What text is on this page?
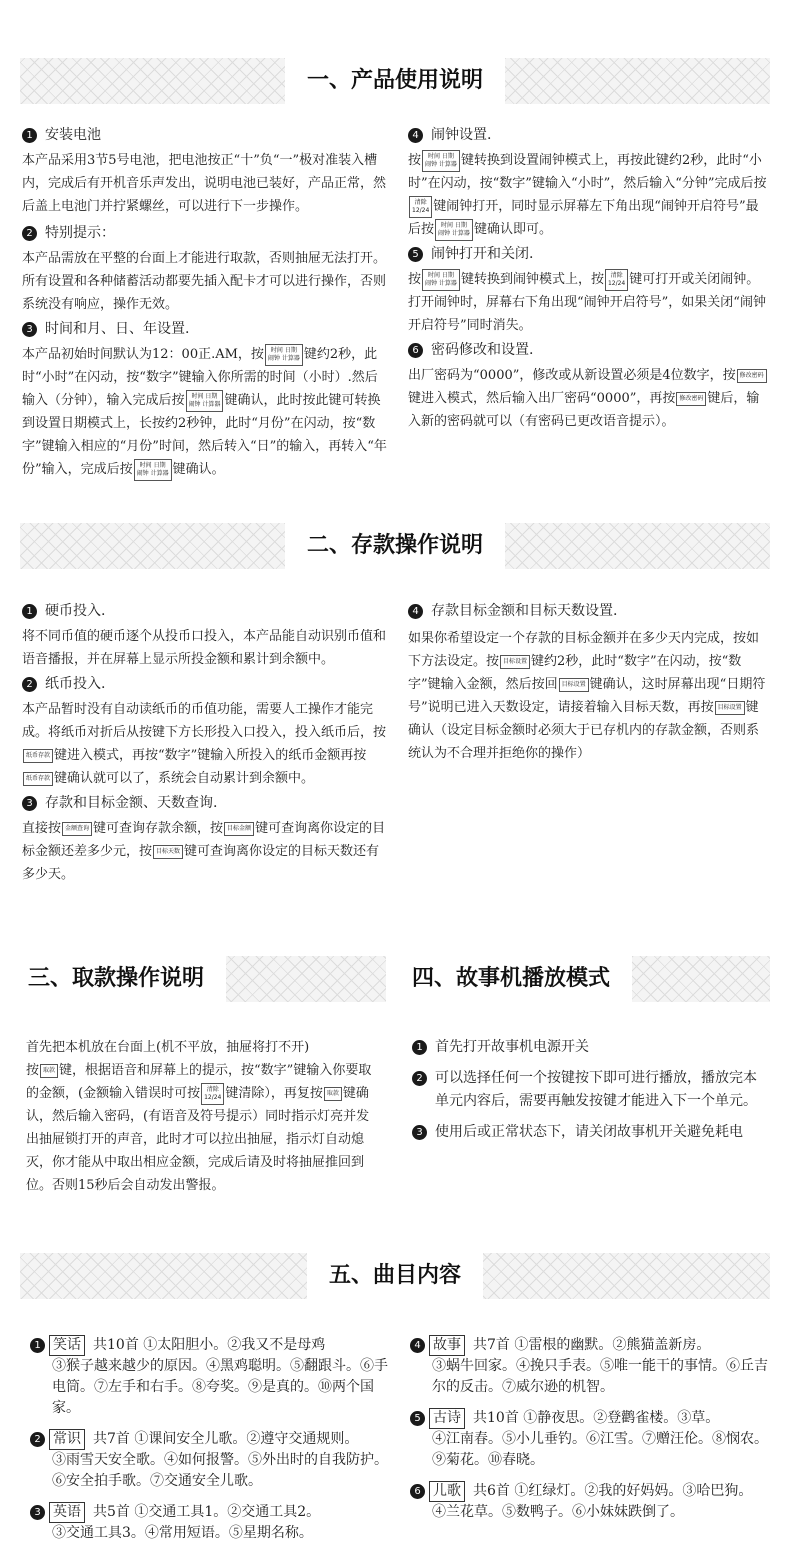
一、产品使用说明
1 安装电池

本产品采用3节5号电池，把电池按正“十”负“一”极对准装入槽内，完成后有开机音乐声发出，说明电池已装好，产品正常，然后盖上电池门并拧紧螺丝，可以进行下一步操作。

2 特别提示：

本产品需放在平整的台面上才能进行取款，否则抽屉无法打开。所有设置和各种储蓄活动都要先插入配卡才可以进行操作，否则系统没有响应，操作无效。

3 时间和月、日、年设置.

本产品初始时间默认为12：00正.AM，按	时间 日期
闹钟 计算器 键约2秒，此时“小时”在闪动，按“数字”键输入你所需的时间（小时）.然后输入（分钟），输入完成后按	时间 日期
闹钟 计算器 键确认，此时按此键可转换到设置日期模式上，长按约2秒钟，此时“月份”在闪动，按“数字”键输入相应的“月份”时间，然后转入“日”的输入，再转入“年份”输入，完成后按	时间 日期
闹钟 计算器 键确认。

4 闹钟设置.

按	时间 日期
闹钟 计算器 键转换到设置闹钟模式上，再按此键约2秒，此时“小时”在闪动，按“数字”键输入“小时”，然后输入“分钟”完成后按
清除
12/24 键闹钟打开，同时显示屏幕左下角出现“闹钟开启符号”最后按	时间 日期
闹钟 计算器 键确认即可。

5 闹钟打开和关闭.

按	时间 日期
闹钟 计算器 键转换到闹钟模式上，按	清除
12/24 键可打开或关闭闹钟。打开闹钟时，屏幕右下角出现“闹钟开启符号”，如果关闭“闹钟开启符号”同时消失。

6 密码修改和设置.

出厂密码为“0000”，修改或从新设置必须是4位数字，按 修改密码
键进入模式，然后输入出厂密码“0000”，再按 修改密码 键后，输入新的密码就可以（有密码已更改语音提示）。

二、存款操作说明
1 硬币投入.

将不同币值的硬币逐个从投币口投入，本产品能自动识别币值和语音播报，并在屏幕上显示所投金额和累计到余额中。

2 纸币投入.

本产品暂时没有自动读纸币的币值功能，需要人工操作才能完成。将纸币对折后从按键下方长形投入口投入，投入纸币后，按
纸币存款 键进入模式，再按“数字”键输入所投入的纸币金额再按
纸币存款 键确认就可以了，系统会自动累计到余额中。

3 存款和目标金额、天数查询.

直接按 金额查询 键可查询存款余额，按 目标金额 键可查询离你设定的目标金额还差多少元，按 目标天数 键可查询离你设定的目标天数还有多少天。

4 存款目标金额和目标天数设置.

如果你希望设定一个存款的目标金额并在多少天内完成，按如下方法设定。按 目标设置 键约2秒，此时“数字”在闪动，按“数字”键输入金额，然后按回 目标设置 键确认，这时屏幕出现“日期符号”说明已进入天数设定，请接着输入目标天数，再按 目标设置 键确认（设定目标金额时必须大于已存机内的存款金额，否则系统认为不合理并拒绝你的操作）

三、取款操作说明	四、故事机播放模式

首先把本机放在台面上(机不平放，抽屉将打不开)
按 取款 键，根据语音和屏幕上的提示，按“数字”键输入你要取的金额，(金额输入错误时可按	清除
12/24 键清除），再复按 取款 键确认，然后输入密码，(有语音及符号提示）同时指示灯亮并发出抽屉锁打开的声音，此时才可以拉出抽屉，指示灯自动熄灭，你才能从中取出相应金额，完成后请及时将抽屉推回到位。否则15秒后会自动发出警报。

1 首先打开故事机电源开关
2 可以选择任何一个按键按下即可进行播放，播放完本单元内容后，需要再触发按键才能进入下一个单元。
3 使用后或正常状态下，请关闭故事机开关避免耗电
五、曲目内容
1 笑话 共10首 ①太阳胆小。②我又不是母鸡
③猴子越来越少的原因。④黑鸡聪明。⑤翻跟斗。⑥手电筒。⑦左手和右手。⑧夸奖。⑨是真的。⑩两个国家。
2 常识 共7首 ①课间安全儿歌。②遵守交通规则。
③雨雪天安全歌。④如何报警。⑤外出时的自我防护。⑥安全拍手歌。⑦交通安全儿歌。
3 英语 共5首 ①交通工具1。②交通工具2。
③交通工具3。④常用短语。⑤星期名称。
4 故事 共7首 ①雷根的幽默。②熊猫盖新房。
③蜗牛回家。④挽只手表。⑤唯一能干的事情。⑥丘吉尔的反击。⑦威尔逊的机智。
5 古诗 共10首 ①静夜思。②登鹳雀楼。③草。
④江南春。⑤小儿垂钓。⑥江雪。⑦赠汪伦。⑧悯农。⑨菊花。⑩春晓。
6 儿歌 共6首 ①红绿灯。②我的好妈妈。③哈巴狗。
④兰花草。⑤数鸭子。⑥小妹妹跌倒了。
